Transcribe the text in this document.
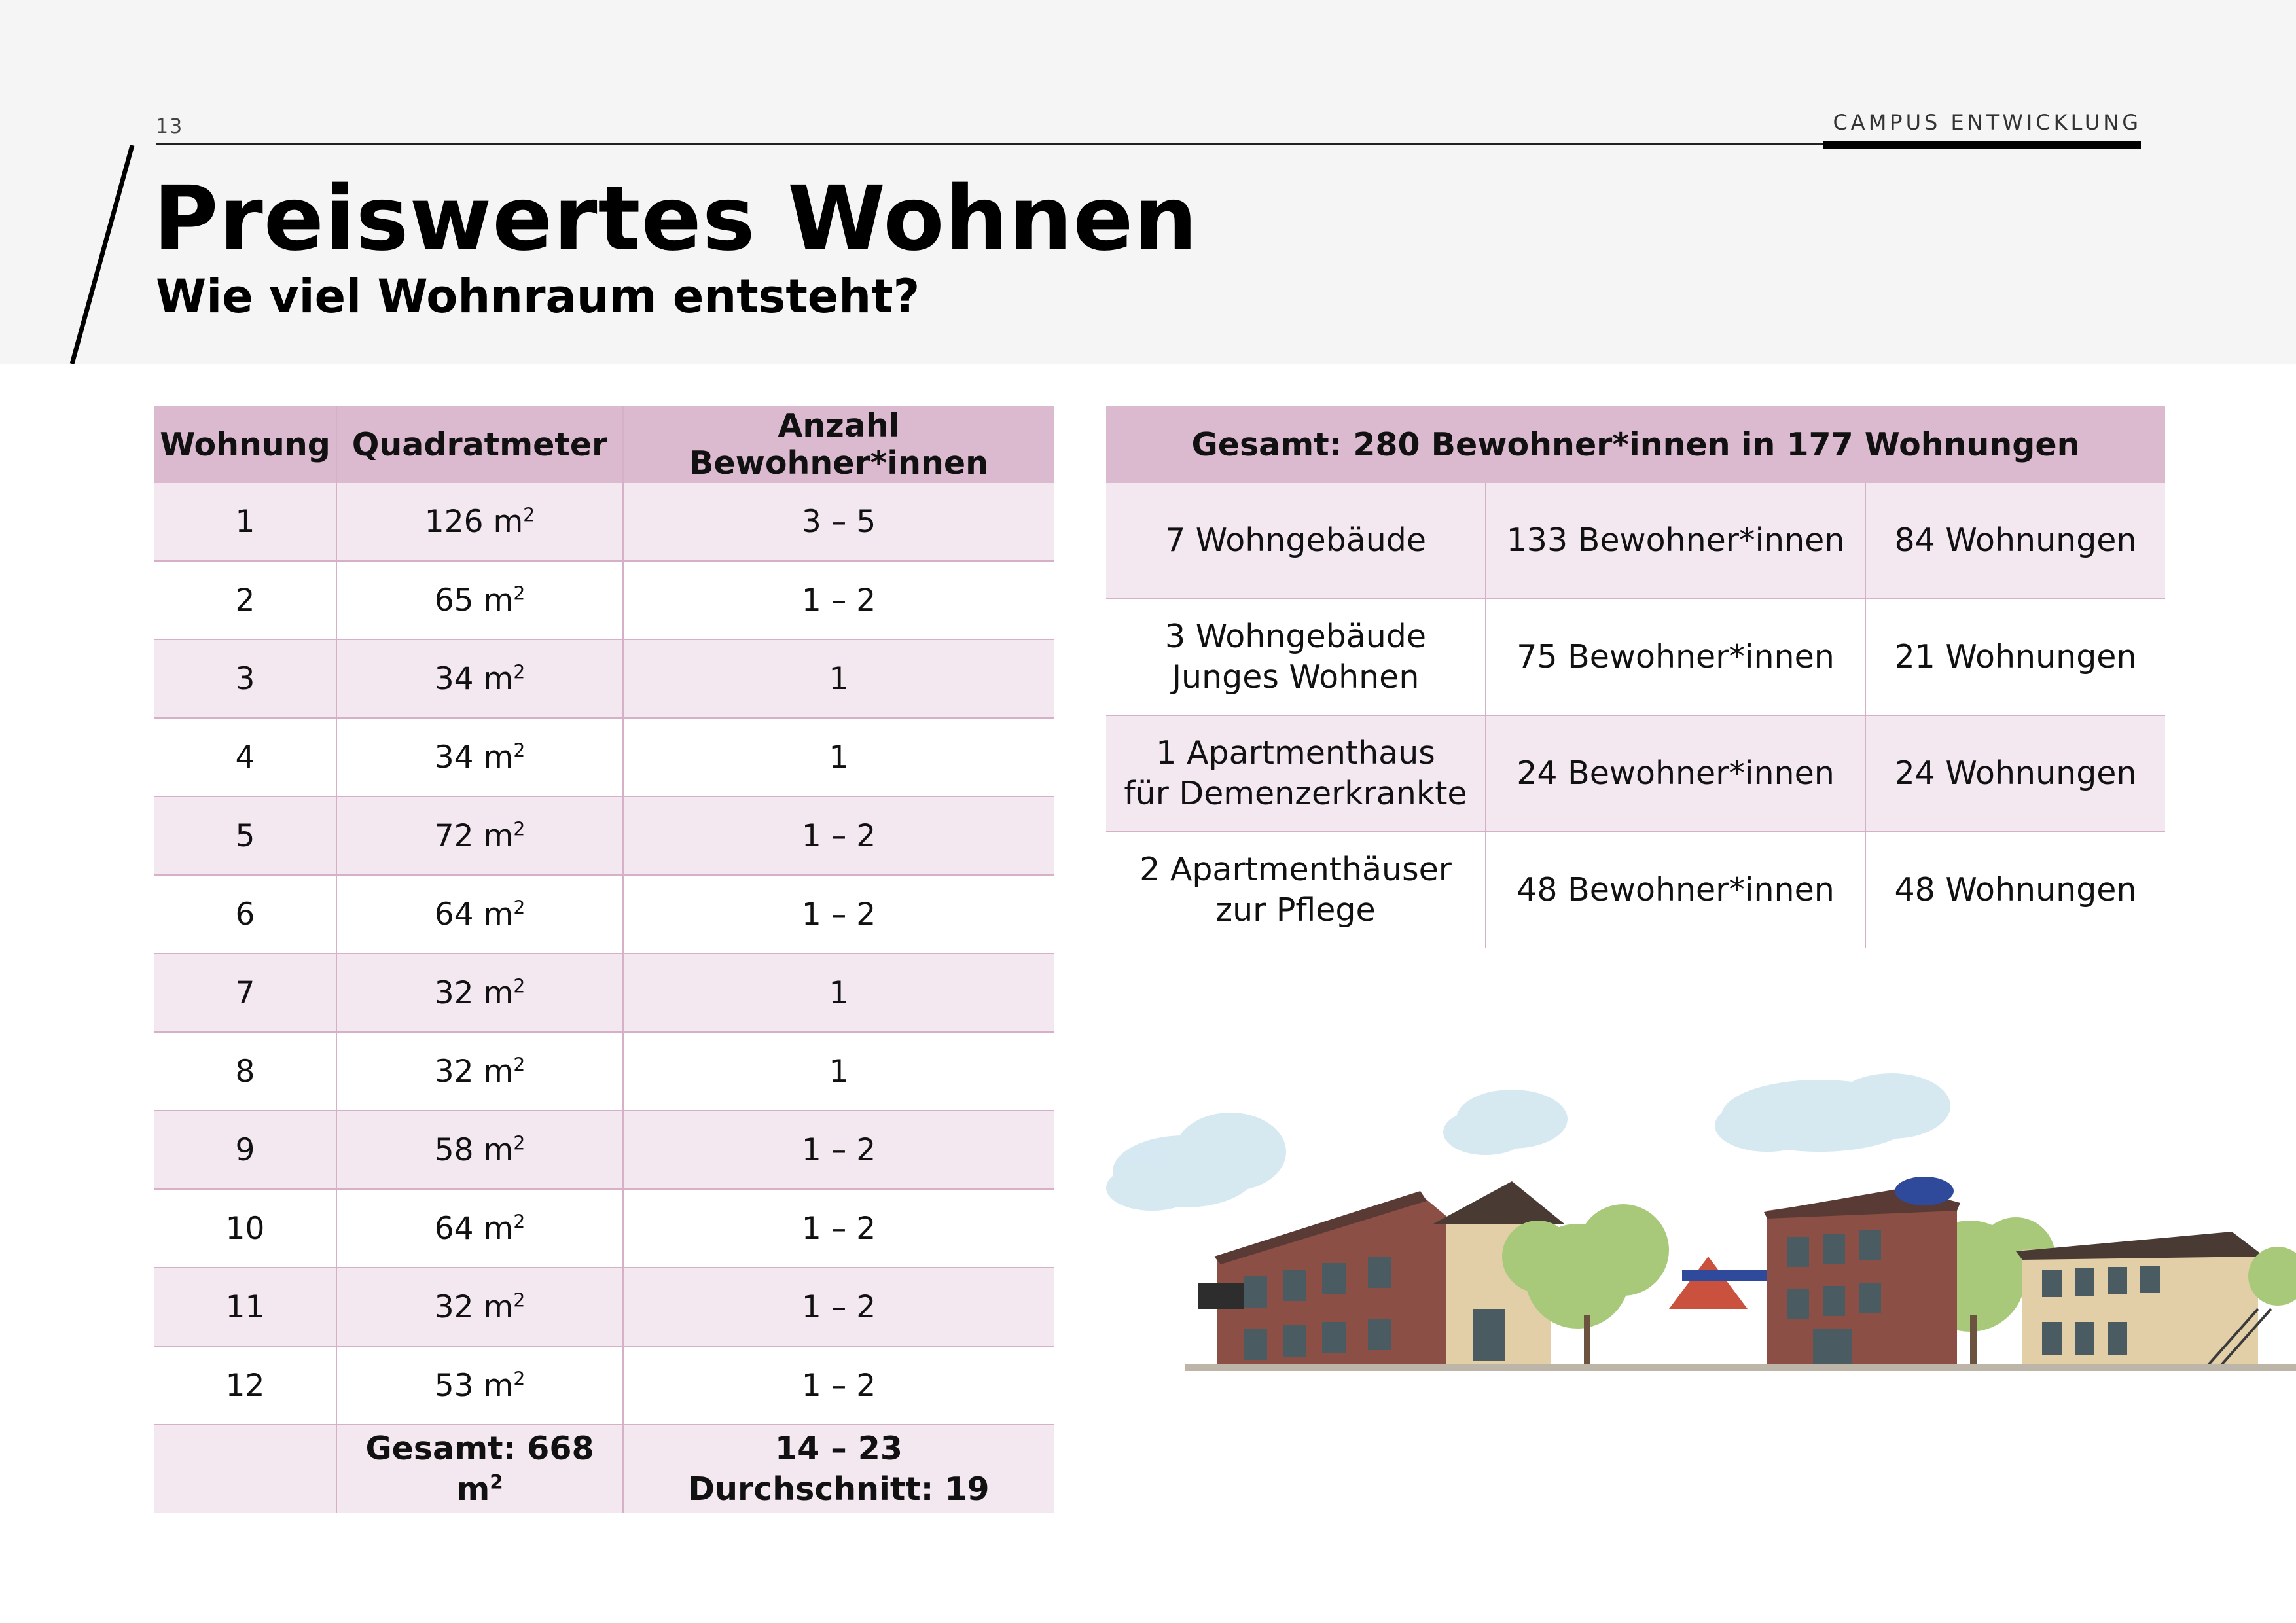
13	CAMPUS ENTWICKLUNG
Preiswertes Wohnen
Wie viel Wohnraum entsteht?
Wohnung	Quadratmeter	Anzahl Bewohner*innen
1	126 $m^2$	3 – 5
2	65 $m^2$	1 – 2
3	34 $m^2$	1
4	34 $m^2$	1
5	72 $m^2$	1 – 2
6	64 $m^2$	1 – 2
7	32 $m^2$	1
8	32 $m^2$	1
9	58 $m^2$	1 – 2
10	64 $m^2$	1 – 2
11	32 $m^2$	1 – 2
12	53 $m^2$	1 – 2
	Gesamt: 668 $m^2$	14 – 23
Durchschnitt: 19
Gesamt: 280 Bewohner*innen in 177 Wohnungen		

7 Wohngebäude	133 Bewohner*innen	84 Wohnungen

3 Wohngebäude
Junges Wohnen	75 Bewohner*innen	21 Wohnungen

1 Apartmenthaus
für Demenzerkrankte	24 Bewohner*innen	24 Wohnungen

2 Apartmenthäuser
zur Pflege	48 Bewohner*innen	48 Wohnungen
